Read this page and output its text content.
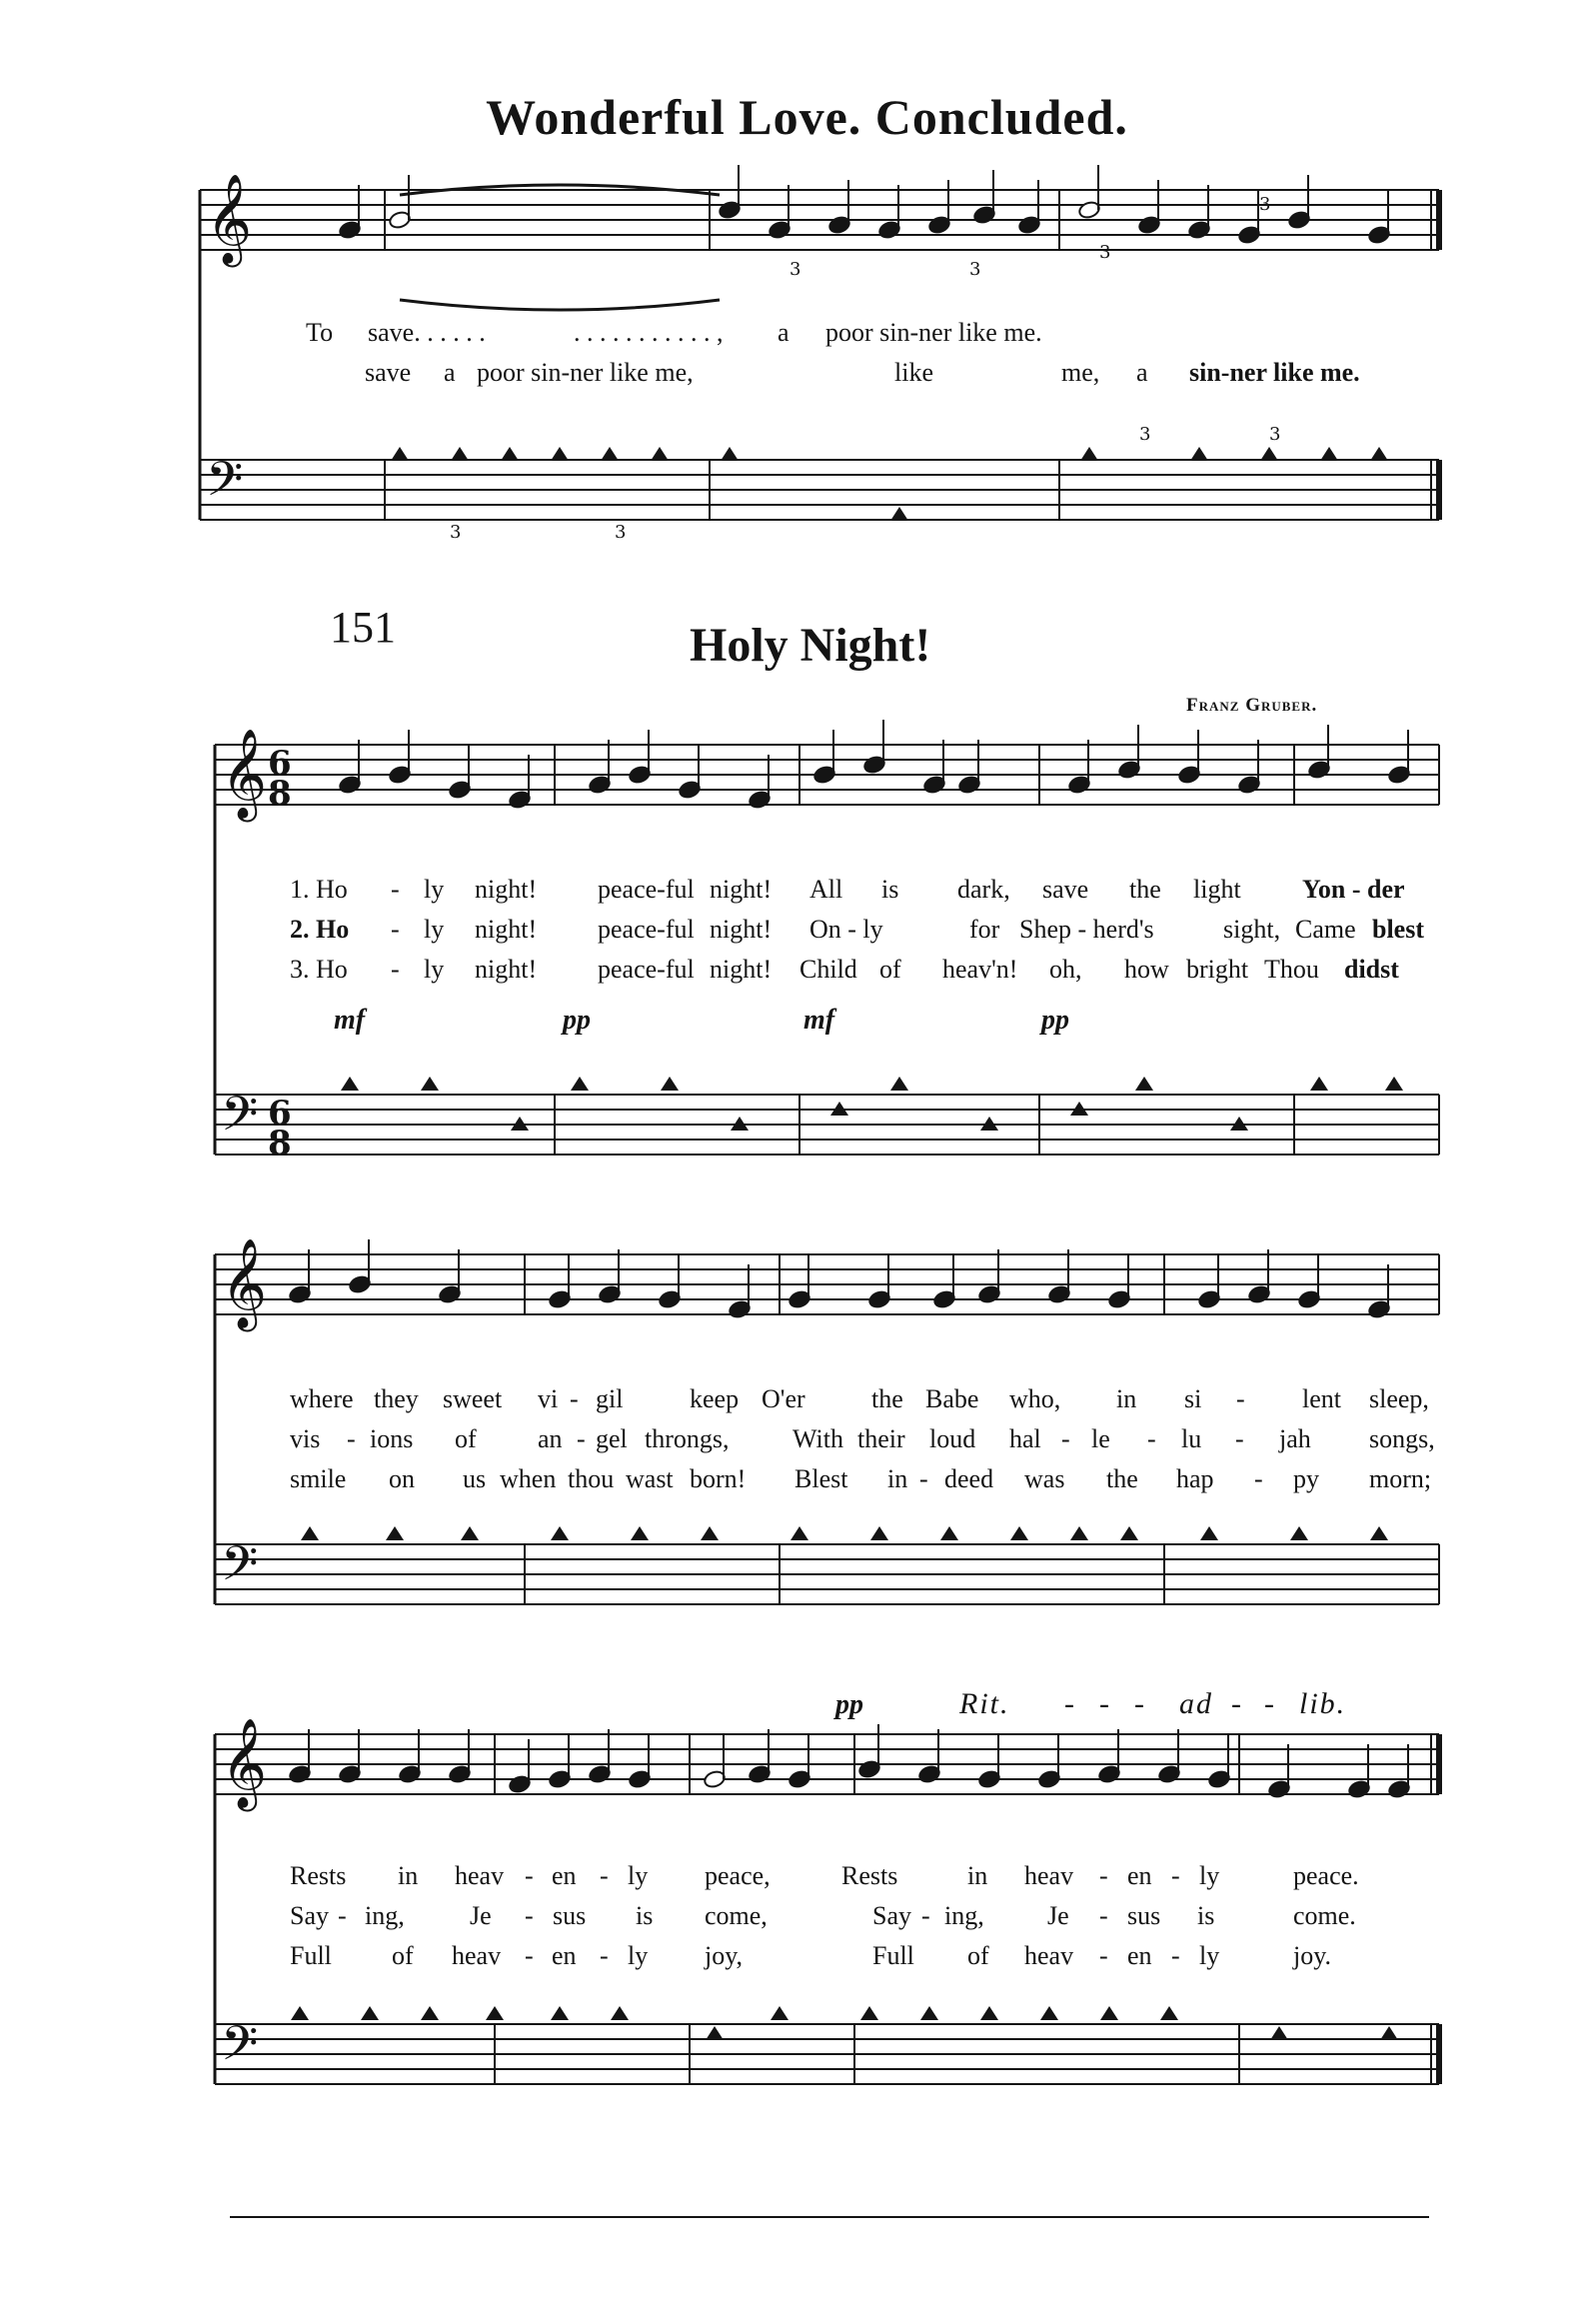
Wonderful Love. Concluded.
151	Holy Night!
Franz Gruber.
𝄞
𝄢
𝄞
𝄢
𝄞
𝄢
𝄞
𝄢
6
8
6
8
3	3
3
3
3	3
3	3
To save. . . . . .	. . . . . . . . . . . , a poor sin-ner like me.
save a poor sin-ner like me,	like	me, a sin-ner like me.
mf	pp	mf	pp
1. Ho - ly night! peace-ful night! All is dark, save the light Yon - der
2. Ho - ly night! peace-ful night! On - ly	for Shep - herd's	sight, Came blest
3. Ho - ly night! peace-ful night! Child of heav'n! oh, how bright Thou didst
where they sweet vi - gil	keep O'er	the Babe who, in si - lent sleep,
vis - ions of an - gel throngs, With their loud hal - le - lu - jah songs,
smile on us when thou wast born! Blest in - deed was the hap - py morn;
pp	Rit. - - - ad - - lib.
Rests in heav - en - ly peace,	Rests	in heav - en - ly	peace.
Say - ing,	Je - sus is come,	Say - ing, Je - sus is	come.
Full of heav - en - ly joy,	Full of heav - en - ly	joy.
